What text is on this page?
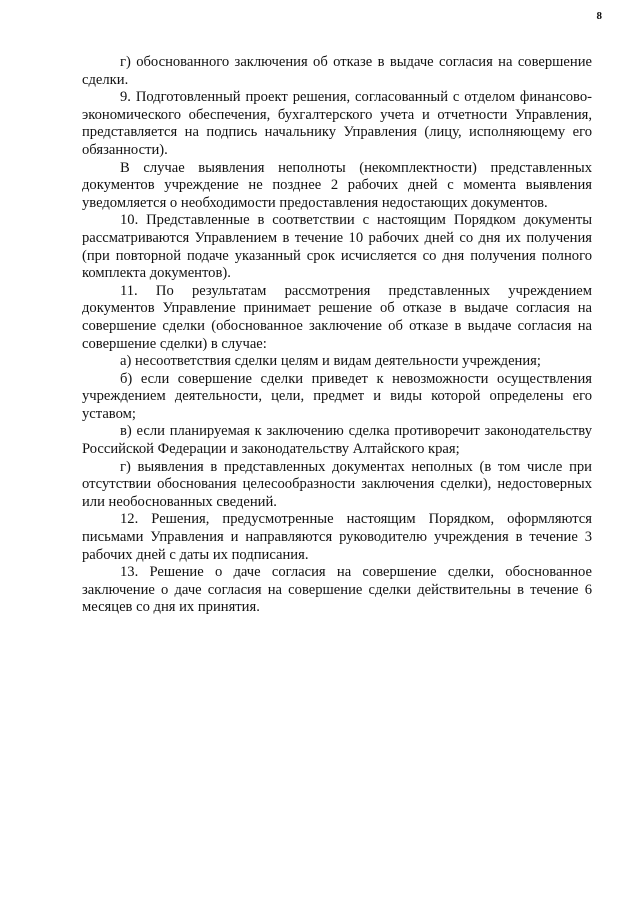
8

г) обоснованного заключения об отказе в выдаче согласия на совершение сделки.

9. Подготовленный проект решения, согласованный с отделом финансово-экономического обеспечения, бухгалтерского учета и отчетности Управления, представляется на подпись начальнику Управления (лицу, исполняющему его обязанности).

В случае выявления неполноты (некомплектности) представленных документов учреждение не позднее 2 рабочих дней с момента выявления уведомляется о необходимости предоставления недостающих документов.

10. Представленные в соответствии с настоящим Порядком документы рассматриваются Управлением в течение 10 рабочих дней со дня их получения (при повторной подаче указанный срок исчисляется со дня получения полного комплекта документов).

11. По результатам рассмотрения представленных учреждением документов Управление принимает решение об отказе в выдаче согласия на совершение сделки (обоснованное заключение об отказе в выдаче согласия на совершение сделки) в случае:

а) несоответствия сделки целям и видам деятельности учреждения;

б) если совершение сделки приведет к невозможности осуществления учреждением деятельности, цели, предмет и виды которой определены его уставом;

в) если планируемая к заключению сделка противоречит законодательству Российской Федерации и законодательству Алтайского края;

г) выявления в представленных документах неполных (в том числе при отсутствии обоснования целесообразности заключения сделки), недостоверных или необоснованных сведений.

12. Решения, предусмотренные настоящим Порядком, оформляются письмами Управления и направляются руководителю учреждения в течение 3 рабочих дней с даты их подписания.

13. Решение о даче согласия на совершение сделки, обоснованное заключение о даче согласия на совершение сделки действительны в течение 6 месяцев со дня их принятия.
